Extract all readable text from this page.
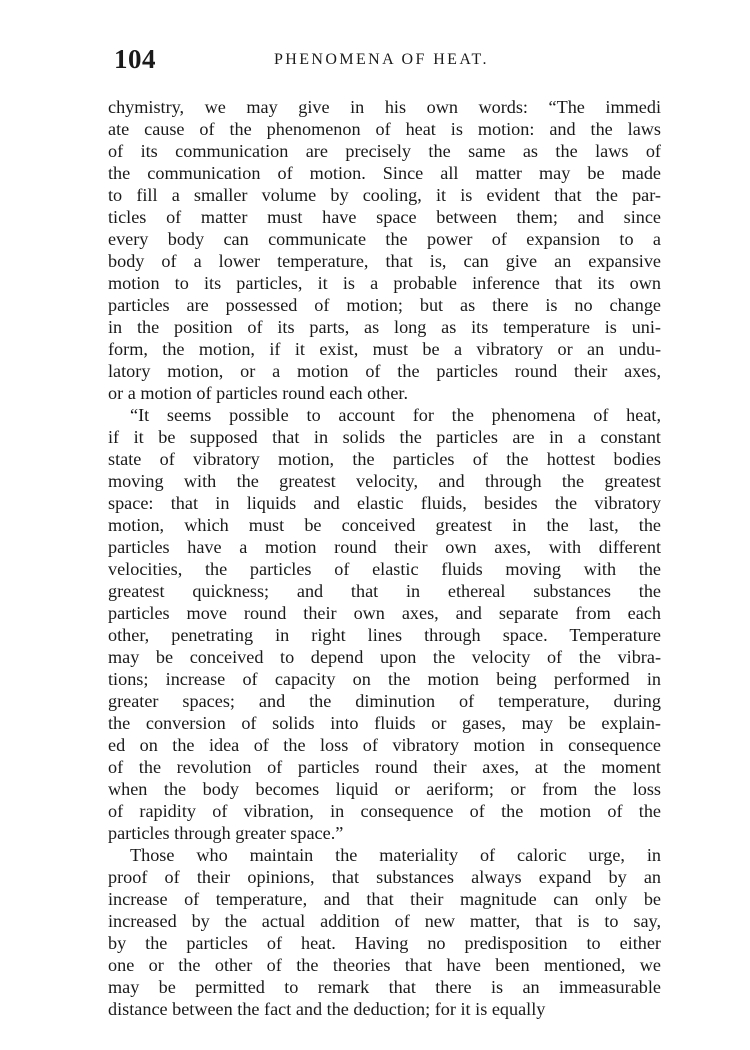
104	PHENOMENA OF HEAT.
chymistry, we may give in his own words: “The immedi
ate cause of the phenomenon of heat is motion: and the laws
of its communication are precisely the same as the laws of
the communication of motion. Since all matter may be made
to fill a smaller volume by cooling, it is evident that the par-
ticles of matter must have space between them; and since
every body can communicate the power of expansion to a
body of a lower temperature, that is, can give an expansive
motion to its particles, it is a probable inference that its own
particles are possessed of motion; but as there is no change
in the position of its parts, as long as its temperature is uni-
form, the motion, if it exist, must be a vibratory or an undu-
latory motion, or a motion of the particles round their axes,
or a motion of particles round each other.
“It seems possible to account for the phenomena of heat,
if it be supposed that in solids the particles are in a constant
state of vibratory motion, the particles of the hottest bodies
moving with the greatest velocity, and through the greatest
space: that in liquids and elastic fluids, besides the vibratory
motion, which must be conceived greatest in the last, the
particles have a motion round their own axes, with different
velocities, the particles of elastic fluids moving with the
greatest quickness; and that in ethereal substances the
particles move round their own axes, and separate from each
other, penetrating in right lines through space. Temperature
may be conceived to depend upon the velocity of the vibra-
tions; increase of capacity on the motion being performed in
greater spaces; and the diminution of temperature, during
the conversion of solids into fluids or gases, may be explain-
ed on the idea of the loss of vibratory motion in consequence
of the revolution of particles round their axes, at the moment
when the body becomes liquid or aeriform; or from the loss
of rapidity of vibration, in consequence of the motion of the
particles through greater space.”
Those who maintain the materiality of caloric urge, in
proof of their opinions, that substances always expand by an
increase of temperature, and that their magnitude can only be
increased by the actual addition of new matter, that is to say,
by the particles of heat. Having no predisposition to either
one or the other of the theories that have been mentioned, we
may be permitted to remark that there is an immeasurable
distance between the fact and the deduction; for it is equally
